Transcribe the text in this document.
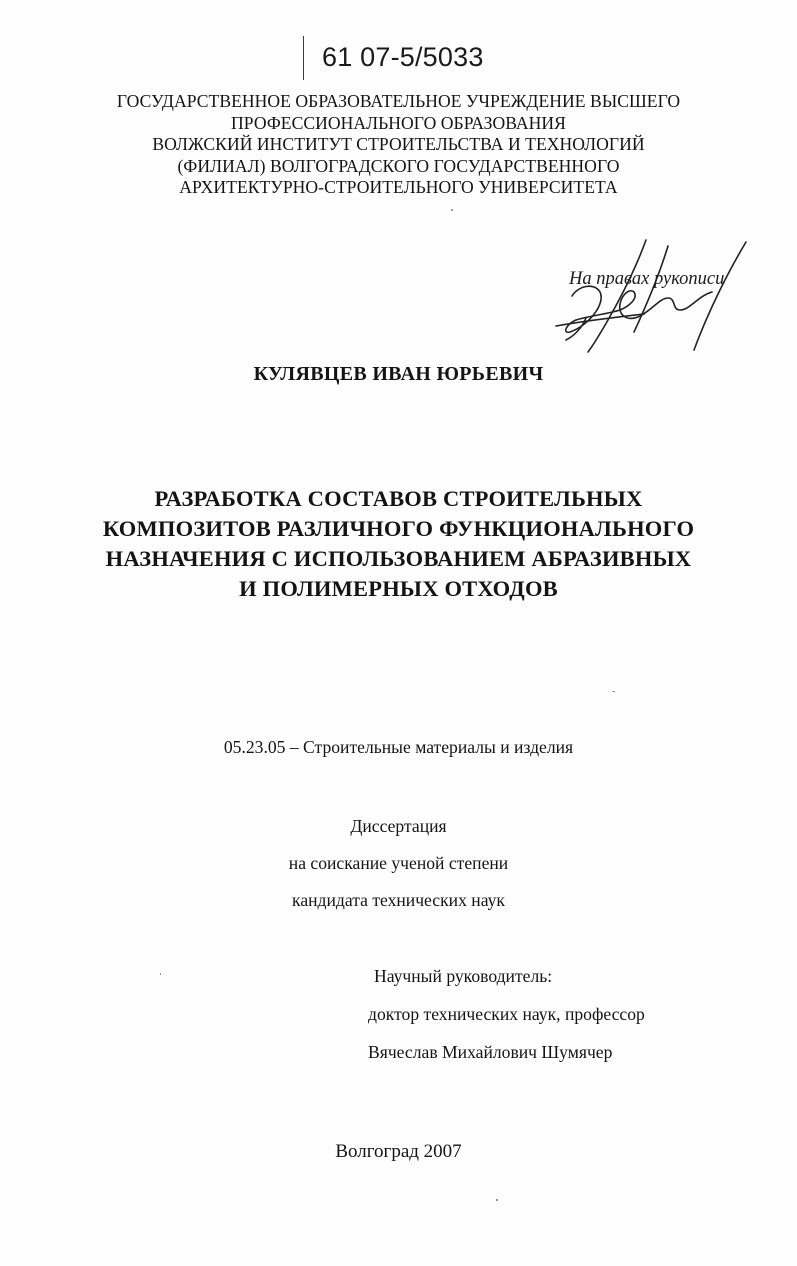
61 07-5/5033
ГОСУДАРСТВЕННОЕ ОБРАЗОВАТЕЛЬНОЕ УЧРЕЖДЕНИЕ ВЫСШЕГО
ПРОФЕССИОНАЛЬНОГО ОБРАЗОВАНИЯ
ВОЛЖСКИЙ ИНСТИТУТ СТРОИТЕЛЬСТВА И ТЕХНОЛОГИЙ
(ФИЛИАЛ) ВОЛГОГРАДСКОГО ГОСУДАРСТВЕННОГО
АРХИТЕКТУРНО-СТРОИТЕЛЬНОГО УНИВЕРСИТЕТА
На правах рукописи
КУЛЯВЦЕВ ИВАН ЮРЬЕВИЧ
РАЗРАБОТКА СОСТАВОВ СТРОИТЕЛЬНЫХ
КОМПОЗИТОВ РАЗЛИЧНОГО ФУНКЦИОНАЛЬНОГО
НАЗНАЧЕНИЯ С ИСПОЛЬЗОВАНИЕМ АБРАЗИВНЫХ
И ПОЛИМЕРНЫХ ОТХОДОВ
05.23.05 – Строительные материалы и изделия
Диссертация
на соискание ученой степени
кандидата технических наук
Научный руководитель:
доктор технических наук, профессор
Вячеслав Михайлович Шумячер
Волгоград 2007
